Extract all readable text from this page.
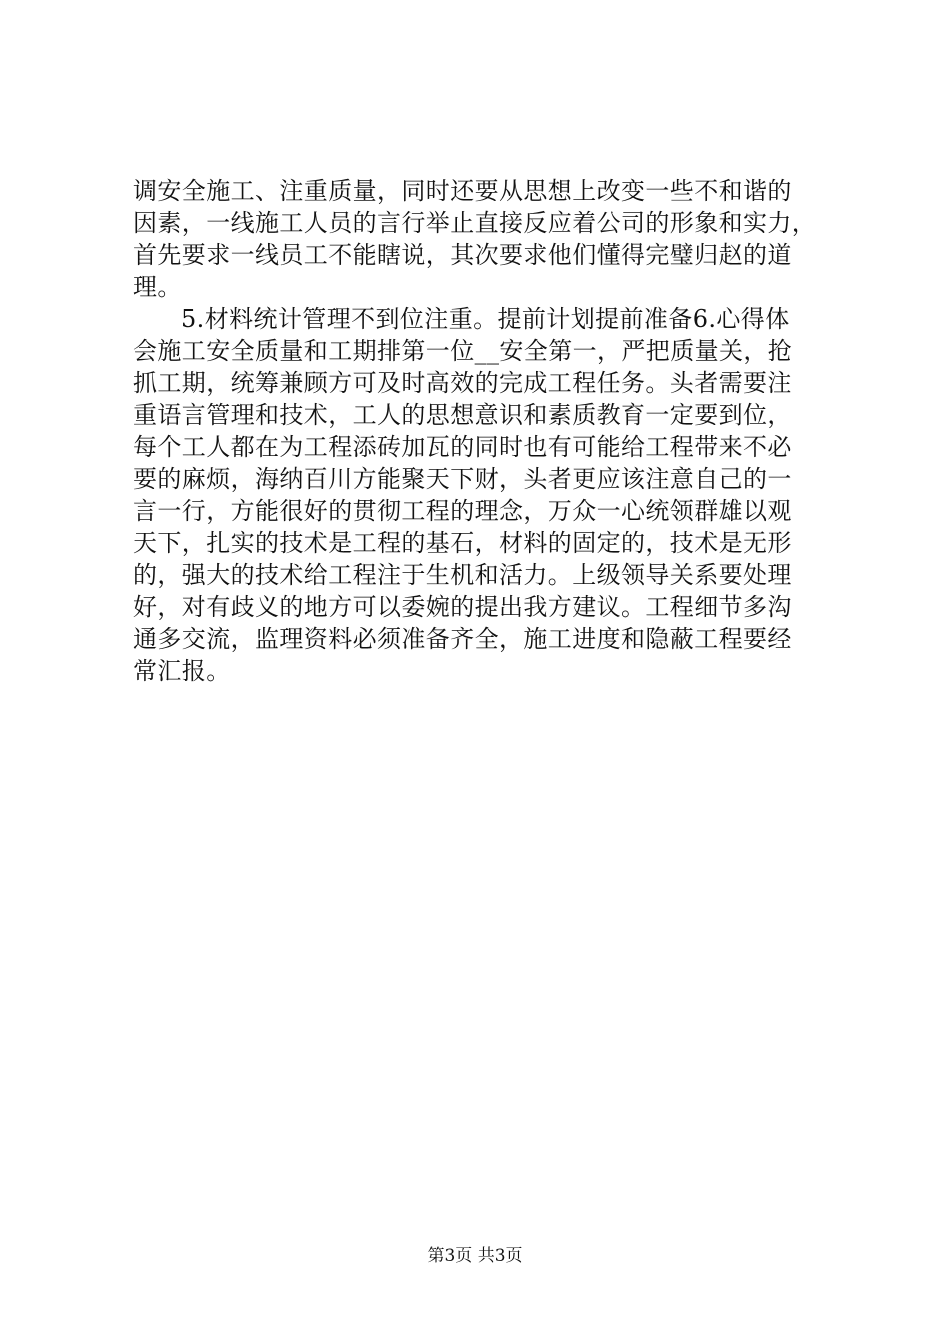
调安全施工、注重质量，同时还要从思想上改变一些不和谐的
因素，一线施工人员的言行举止直接反应着公司的形象和实力，
首先要求一线员工不能瞎说，其次要求他们懂得完璧归赵的道
理。
5.材料统计管理不到位注重。提前计划提前准备6.心得体
会施工安全质量和工期排第一位__安全第一，严把质量关，抢
抓工期，统筹兼顾方可及时高效的完成工程任务。头者需要注
重语言管理和技术，工人的思想意识和素质教育一定要到位，
每个工人都在为工程添砖加瓦的同时也有可能给工程带来不必
要的麻烦，海纳百川方能聚天下财，头者更应该注意自己的一
言一行，方能很好的贯彻工程的理念，万众一心统领群雄以观
天下，扎实的技术是工程的基石，材料的固定的，技术是无形
的，强大的技术给工程注于生机和活力。上级领导关系要处理
好，对有歧义的地方可以委婉的提出我方建议。工程细节多沟
通多交流，监理资料必须准备齐全，施工进度和隐蔽工程要经
常汇报。
第3页 共3页
